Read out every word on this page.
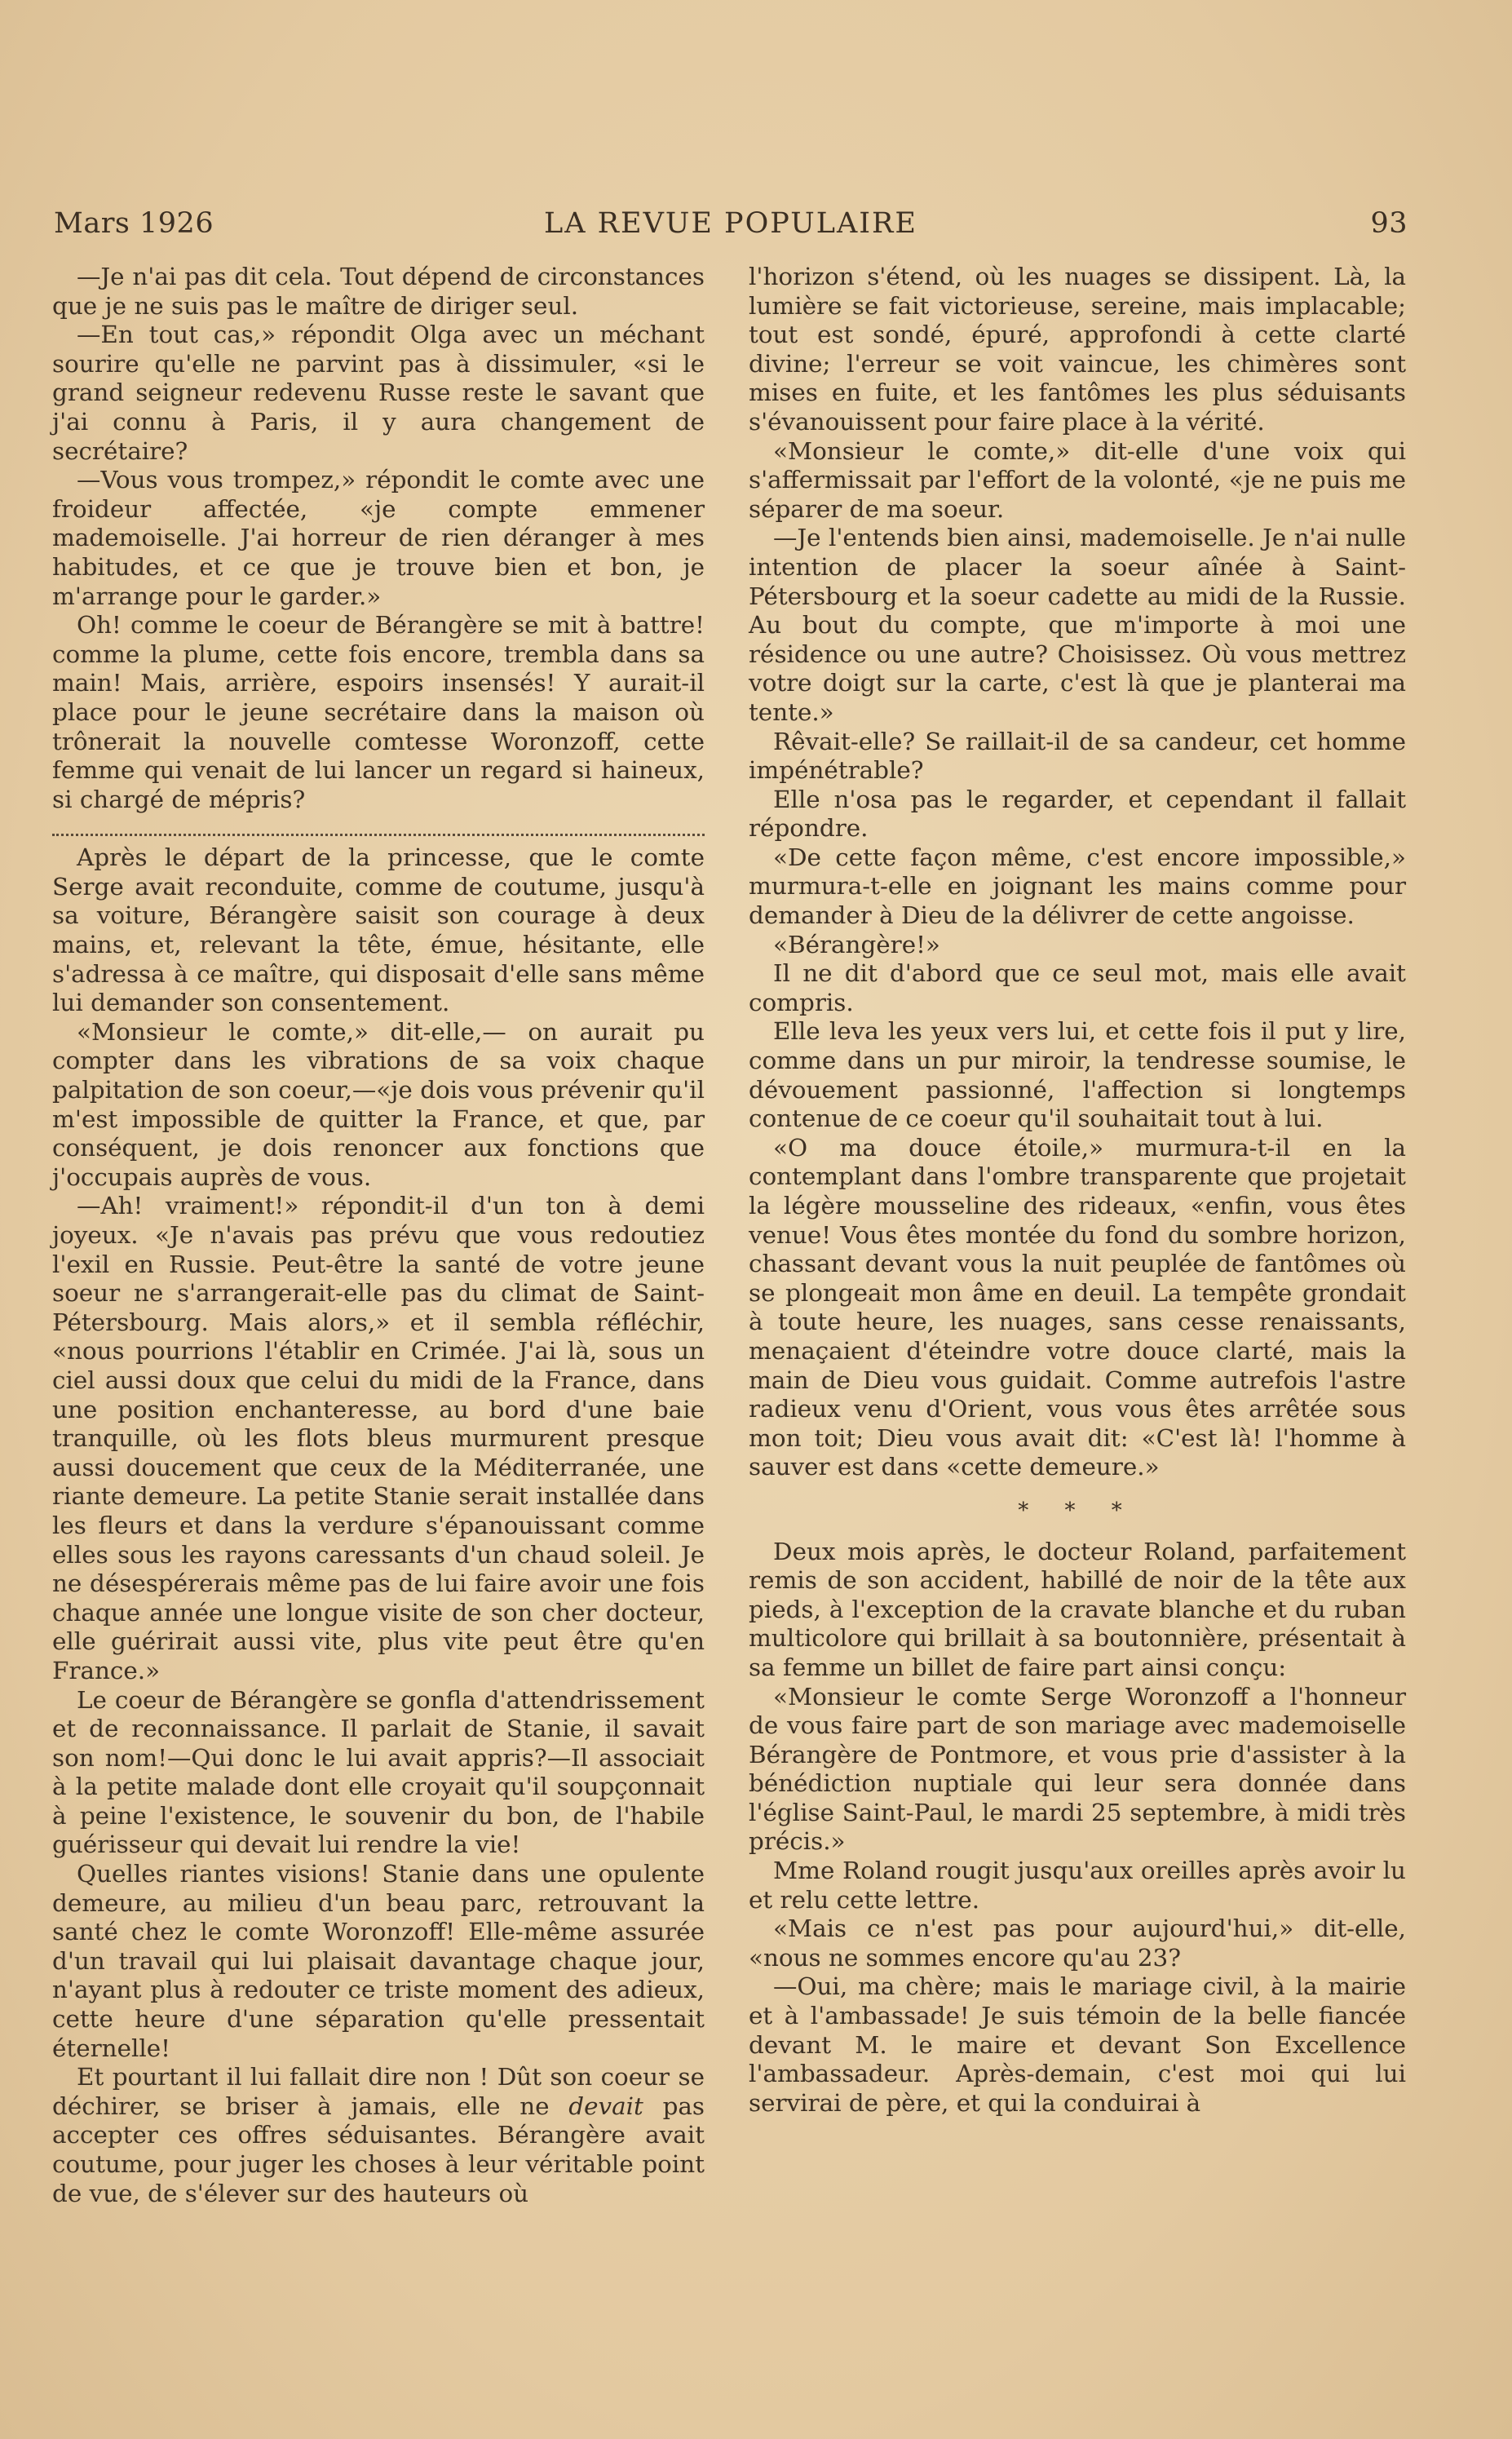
Mars 1926	LA REVUE POPULAIRE	93

—Je n'ai pas dit cela. Tout dépend de circonstances que je ne suis pas le maître de diriger seul.

—En tout cas,» répondit Olga avec un méchant sourire qu'elle ne parvint pas à dissimuler, «si le grand seigneur redevenu Russe reste le savant que j'ai connu à Paris, il y aura changement de secrétaire?

—Vous vous trompez,» répondit le comte avec une froideur affectée, «je compte emmener mademoiselle. J'ai horreur de rien déranger à mes habitudes, et ce que je trouve bien et bon, je m'arrange pour le garder.»

Oh! comme le coeur de Bérangère se mit à battre! comme la plume, cette fois encore, trembla dans sa main! Mais, arrière, espoirs insensés! Y aurait-il place pour le jeune secrétaire dans la maison où trônerait la nouvelle comtesse Woronzoff, cette femme qui venait de lui lancer un regard si haineux, si chargé de mépris?

Après le départ de la princesse, que le comte Serge avait reconduite, comme de coutume, jusqu'à sa voiture, Bérangère saisit son courage à deux mains, et, relevant la tête, émue, hésitante, elle s'adressa à ce maître, qui disposait d'elle sans même lui demander son consentement.

«Monsieur le comte,» dit-elle,— on aurait pu compter dans les vibrations de sa voix chaque palpitation de son coeur,—«je dois vous prévenir qu'il m'est impossible de quitter la France, et que, par conséquent, je dois renoncer aux fonctions que j'occupais auprès de vous.

—Ah! vraiment!» répondit-il d'un ton à demi joyeux. «Je n'avais pas prévu que vous redoutiez l'exil en Russie. Peut-être la santé de votre jeune soeur ne s'arrangerait-elle pas du climat de Saint-Pétersbourg. Mais alors,» et il sembla réfléchir, «nous pourrions l'établir en Crimée. J'ai là, sous un ciel aussi doux que celui du midi de la France, dans une position enchanteresse, au bord d'une baie tranquille, où les flots bleus murmurent presque aussi doucement que ceux de la Méditerranée, une riante demeure. La petite Stanie serait installée dans les fleurs et dans la verdure s'épanouissant comme elles sous les rayons caressants d'un chaud soleil. Je ne désespérerais même pas de lui faire avoir une fois chaque année une longue visite de son cher docteur, elle guérirait aussi vite, plus vite peut être qu'en France.»

Le coeur de Bérangère se gonfla d'attendrissement et de reconnaissance. Il parlait de Stanie, il savait son nom!—Qui donc le lui avait appris?—Il associait à la petite malade dont elle croyait qu'il soupçonnait à peine l'existence, le souvenir du bon, de l'habile guérisseur qui devait lui rendre la vie!

Quelles riantes visions! Stanie dans une opulente demeure, au milieu d'un beau parc, retrouvant la santé chez le comte Woronzoff! Elle-même assurée d'un travail qui lui plaisait davantage chaque jour, n'ayant plus à redouter ce triste moment des adieux, cette heure d'une séparation qu'elle pressentait éternelle!

Et pourtant il lui fallait dire non ! Dût son coeur se déchirer, se briser à jamais, elle ne devait pas accepter ces offres séduisantes. Bérangère avait coutume, pour juger les choses à leur véritable point de vue, de s'élever sur des hauteurs où

l'horizon s'étend, où les nuages se dissipent. Là, la lumière se fait victorieuse, sereine, mais implacable; tout est sondé, épuré, approfondi à cette clarté divine; l'erreur se voit vaincue, les chimères sont mises en fuite, et les fantômes les plus séduisants s'évanouissent pour faire place à la vérité.

«Monsieur le comte,» dit-elle d'une voix qui s'affermissait par l'effort de la volonté, «je ne puis me séparer de ma soeur.

—Je l'entends bien ainsi, mademoiselle. Je n'ai nulle intention de placer la soeur aînée à Saint-Pétersbourg et la soeur cadette au midi de la Russie. Au bout du compte, que m'importe à moi une résidence ou une autre? Choisissez. Où vous mettrez votre doigt sur la carte, c'est là que je planterai ma tente.»

Rêvait-elle? Se raillait-il de sa candeur, cet homme impénétrable?

Elle n'osa pas le regarder, et cependant il fallait répondre.

«De cette façon même, c'est encore impossible,» murmura-t-elle en joignant les mains comme pour demander à Dieu de la délivrer de cette angoisse.

«Bérangère!»

Il ne dit d'abord que ce seul mot, mais elle avait compris.

Elle leva les yeux vers lui, et cette fois il put y lire, comme dans un pur miroir, la tendresse soumise, le dévouement passionné, l'affection si longtemps contenue de ce coeur qu'il souhaitait tout à lui.

«O ma douce étoile,» murmura-t-il en la contemplant dans l'ombre transparente que projetait la légère mousseline des rideaux, «enfin, vous êtes venue! Vous êtes montée du fond du sombre horizon, chassant devant vous la nuit peuplée de fantômes où se plongeait mon âme en deuil. La tempête grondait à toute heure, les nuages, sans cesse renaissants, menaçaient d'éteindre votre douce clarté, mais la main de Dieu vous guidait. Comme autrefois l'astre radieux venu d'Orient, vous vous êtes arrêtée sous mon toit; Dieu vous avait dit: «C'est là! l'homme à sauver est dans «cette demeure.»

* * *

Deux mois après, le docteur Roland, parfaitement remis de son accident, habillé de noir de la tête aux pieds, à l'exception de la cravate blanche et du ruban multicolore qui brillait à sa boutonnière, présentait à sa femme un billet de faire part ainsi conçu:

«Monsieur le comte Serge Woronzoff a l'honneur de vous faire part de son mariage avec mademoiselle Bérangère de Pontmore, et vous prie d'assister à la bénédiction nuptiale qui leur sera donnée dans l'église Saint-Paul, le mardi 25 septembre, à midi très précis.»

Mme Roland rougit jusqu'aux oreilles après avoir lu et relu cette lettre.

«Mais ce n'est pas pour aujourd'hui,» dit-elle, «nous ne sommes encore qu'au 23?

—Oui, ma chère; mais le mariage civil, à la mairie et à l'ambassade! Je suis témoin de la belle fiancée devant M. le maire et devant Son Excellence l'ambassadeur. Après-demain, c'est moi qui lui servirai de père, et qui la conduirai à
